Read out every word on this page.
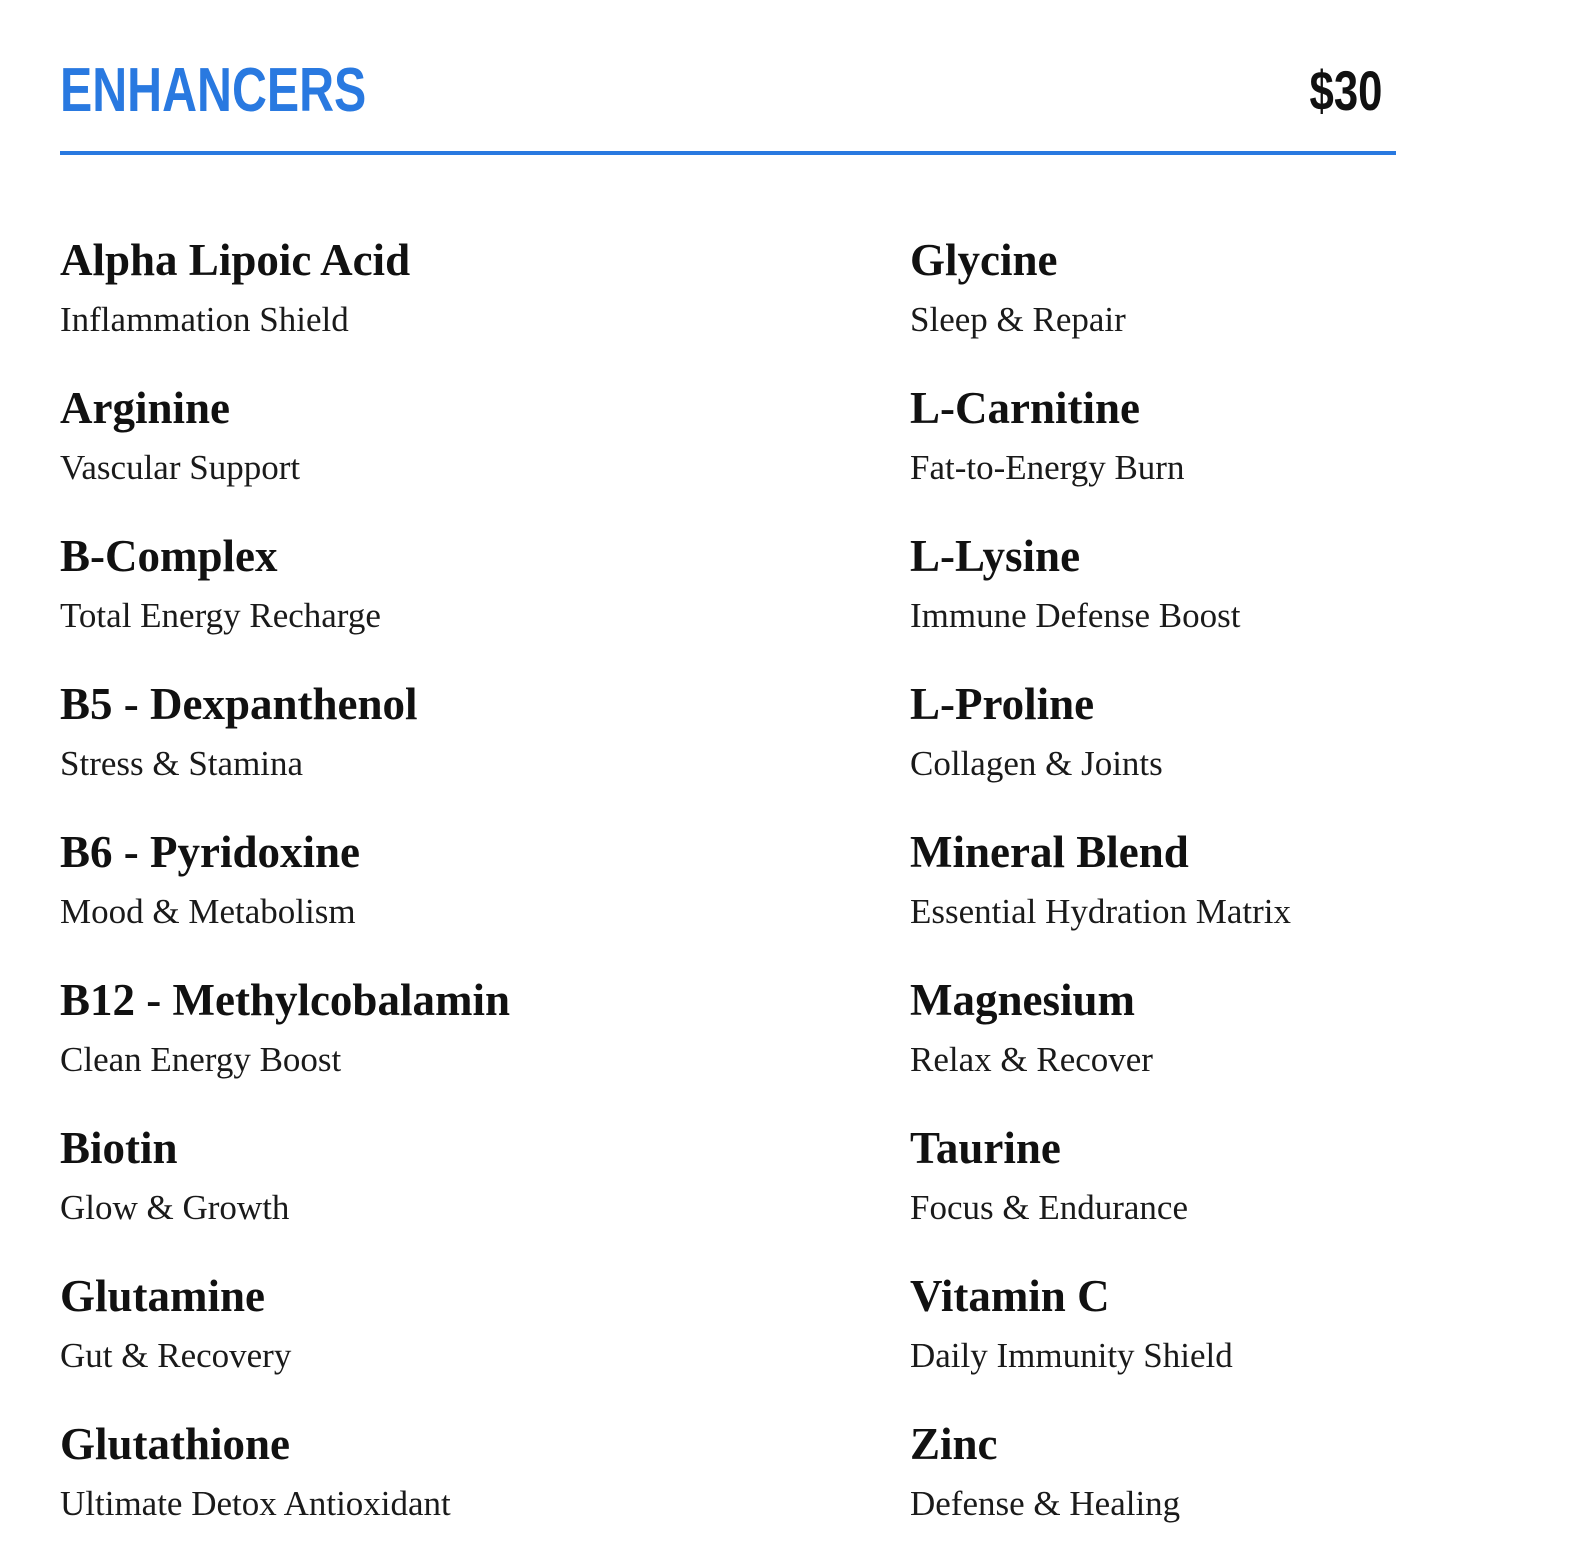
ENHANCERS	$30
Alpha Lipoic Acid
Inflammation Shield
Arginine
Vascular Support
B-Complex
Total Energy Recharge
B5 - Dexpanthenol
Stress & Stamina
B6 - Pyridoxine
Mood & Metabolism
B12 - Methylcobalamin
Clean Energy Boost
Biotin
Glow & Growth
Glutamine
Gut & Recovery
Glutathione
Ultimate Detox Antioxidant
Glycine
Sleep & Repair
L-Carnitine
Fat-to-Energy Burn
L-Lysine
Immune Defense Boost
L-Proline
Collagen & Joints
Mineral Blend
Essential Hydration Matrix
Magnesium
Relax & Recover
Taurine
Focus & Endurance
Vitamin C
Daily Immunity Shield
Zinc
Defense & Healing
